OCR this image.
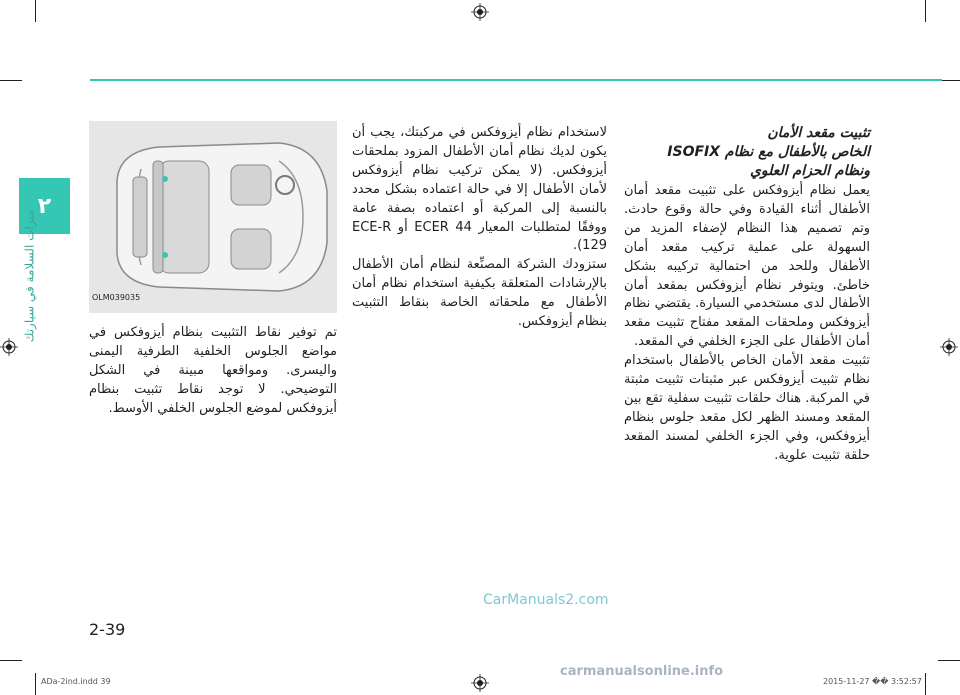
٢
ميزات السلامة في سيارتك
تثبيت مقعد الأمان
الخاص بالأطفال مع نظام ISOFIX
ونظام الحزام العلوي

يعمل نظام أيزوفكس على تثبيت مقعد أمان الأطفال أثناء القيادة وفي حالة وقوع حادث. وتم تصميم هذا النظام لإضفاء المزيد من السهولة على عملية تركيب مقعد أمان الأطفال وللحد من احتمالية تركيبه بشكل خاطئ. ويتوفر نظام أيزوفكس بمقعد أمان الأطفال لدى مستخدمي السيارة. يقتضي نظام أيزوفكس وملحقات المقعد مفتاح تثبيت مقعد أمان الأطفال على الجزء الخلفي في المقعد.

تثبيت مقعد الأمان الخاص بالأطفال باستخدام نظام تثبيت أيزوفكس عبر مثبتات تثبيت مثبتة في المركبة. هناك حلقات تثبيت سفلية تقع بين المقعد ومسند الظهر لكل مقعد جلوس بنظام أيزوفكس، وفي الجزء الخلفي لمسند المقعد حلقة تثبيت علوية.

لاستخدام نظام أيزوفكس في مركبتك، يجب أن يكون لديك نظام أمان الأطفال المزود بملحقات أيزوفكس. (لا يمكن تركيب نظام أيزوفكس لأمان الأطفال إلا في حالة اعتماده بشكل محدد بالنسبة إلى المركبة أو اعتماده بصفة عامة ووفقًا لمتطلبات المعيار ECER 44 أو ECE-R 129).

ستزودك الشركة المصنِّعة لنظام أمان الأطفال بالإرشادات المتعلقة بكيفية استخدام نظام أمان الأطفال مع ملحقاته الخاصة بنقاط التثبيت بنظام أيزوفكس.

OLM039035

تم توفير نقاط التثبيت بنظام أيزوفكس في مواضع الجلوس الخلفية الطرفية اليمنى واليسرى. ومواقعها مبينة في الشكل التوضيحي. لا توجد نقاط تثبيت بنظام أيزوفكس لموضع الجلوس الخلفي الأوسط.

CarManuals2.com
2-39
ADa-2ind.indd 39	2015-11-27 �� 3:52:57
carmanualsonline.info
